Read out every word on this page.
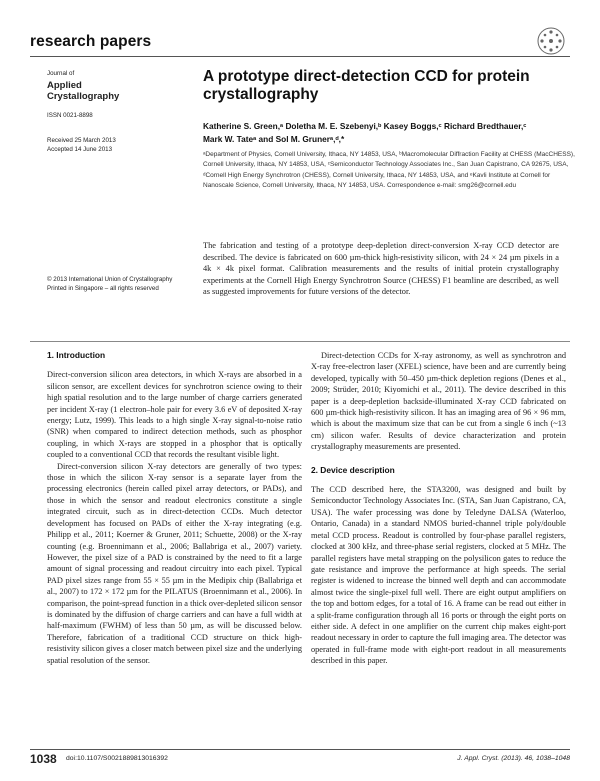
research papers
Journal of
Applied
Crystallography
ISSN 0021-8898
Received 25 March 2013
Accepted 14 June 2013
© 2013 International Union of Crystallography
Printed in Singapore – all rights reserved
A prototype direct-detection CCD for protein crystallography
Katherine S. Green,ᵃ Doletha M. E. Szebenyi,ᵇ Kasey Boggs,ᶜ Richard Bredthauer,ᶜ
Mark W. Tateᵃ and Sol M. Grunerᵃ,ᵈ,*
ᵃDepartment of Physics, Cornell University, Ithaca, NY 14853, USA, ᵇMacromolecular Diffraction Facility at CHESS (MacCHESS), Cornell University, Ithaca, NY 14853, USA, ᶜSemiconductor Technology Associates Inc., San Juan Capistrano, CA 92675, USA, ᵈCornell High Energy Synchrotron (CHESS), Cornell University, Ithaca, NY 14853, USA, and ᵉKavli Institute at Cornell for Nanoscale Science, Cornell University, Ithaca, NY 14853, USA. Correspondence e-mail: smg26@cornell.edu
The fabrication and testing of a prototype deep-depletion direct-conversion X-ray CCD detector are described. The device is fabricated on 600 µm-thick high-resistivity silicon, with 24 × 24 µm pixels in a 4k × 4k pixel format. Calibration measurements and the results of initial protein crystallography experiments at the Cornell High Energy Synchrotron Source (CHESS) F1 beamline are described, as well as suggested improvements for future versions of the detector.
1. Introduction

Direct-conversion silicon area detectors, in which X-rays are absorbed in a silicon sensor, are excellent devices for synchrotron science owing to their high spatial resolution and to the large number of charge carriers generated per incident X-ray (1 electron–hole pair for every 3.6 eV of deposited X-ray energy; Lutz, 1999). This leads to a high single X-ray signal-to-noise ratio (SNR) when compared to indirect detection methods, such as phosphor coupling, in which X-rays are stopped in a phosphor that is optically coupled to a conventional CCD that records the resultant visible light.

Direct-conversion silicon X-ray detectors are generally of two types: those in which the silicon X-ray sensor is a separate layer from the processing electronics (herein called pixel array detectors, or PADs), and those in which the sensor and readout electronics constitute a single integrated circuit, such as in direct-detection CCDs. Much detector development has focused on PADs of either the X-ray integrating (e.g. Philipp et al., 2011; Koerner & Gruner, 2011; Schuette, 2008) or the X-ray counting (e.g. Broennimann et al., 2006; Ballabriga et al., 2007) variety. However, the pixel size of a PAD is constrained by the need to fit a large amount of signal processing and readout circuitry into each pixel. Typical PAD pixel sizes range from 55 × 55 µm in the Medipix chip (Ballabriga et al., 2007) to 172 × 172 µm for the PILATUS (Broennimann et al., 2006). In comparison, the point-spread function in a thick over-depleted silicon sensor is dominated by the diffusion of charge carriers and can have a full width at half-maximum (FWHM) of less than 50 µm, as will be discussed below. Therefore, fabrication of a traditional CCD structure on thick high-resistivity silicon gives a closer match between pixel size and the underlying spatial resolution of the sensor.

Direct-detection CCDs for X-ray astronomy, as well as synchrotron and X-ray free-electron laser (XFEL) science, have been and are currently being developed, typically with 50–450 µm-thick depletion regions (Denes et al., 2009; Strüder, 2010; Kiyomichi et al., 2011). The device described in this paper is a deep-depletion backside-illuminated X-ray CCD fabricated on 600 µm-thick high-resistivity silicon. It has an imaging area of 96 × 96 mm, which is about the maximum size that can be cut from a single 6 inch (~13 cm) silicon wafer. Results of device characterization and protein crystallography measurements are presented.

2. Device description

The CCD described here, the STA3200, was designed and built by Semiconductor Technology Associates Inc. (STA, San Juan Capistrano, CA, USA). The wafer processing was done by Teledyne DALSA (Waterloo, Ontario, Canada) in a standard NMOS buried-channel triple poly/double metal CCD process. Readout is controlled by four-phase parallel registers, clocked at 300 kHz, and three-phase serial registers, clocked at 5 MHz. The parallel registers have metal strapping on the polysilicon gates to reduce the gate resistance and improve the performance at high speeds. The serial register is widened to increase the binned well depth and can accommodate almost twice the single-pixel full well. There are eight output amplifiers on the top and bottom edges, for a total of 16. A frame can be read out either in a split-frame configuration through all 16 ports or through the eight ports on either side. A defect in one amplifier on the current chip makes eight-port readout necessary in order to capture the full imaging area. The detector was operated in full-frame mode with eight-port readout in all measurements described in this paper.

1038 doi:10.1107/S0021889813016392	J. Appl. Cryst. (2013). 46, 1038–1048
